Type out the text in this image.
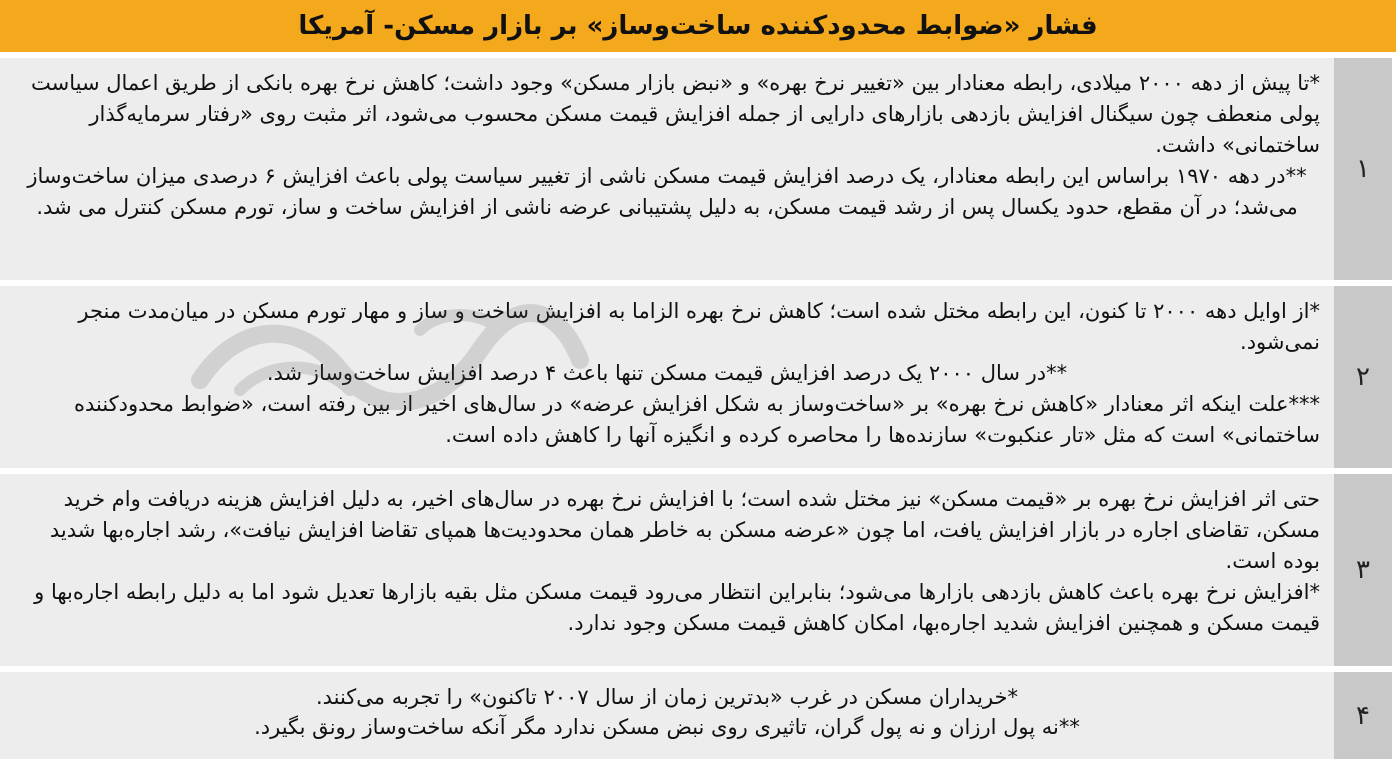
فشار «ضوابط محدودکننده ساخت‌وساز» بر بازار مسکن- آمریکا
۱

*تا پیش از دهه ۲۰۰۰ میلادی، رابطه معنادار بین «تغییر نرخ بهره» و «نبض بازار مسکن» وجود داشت؛ کاهش نرخ بهره بانکی از طریق اعمال سیاست پولی منعطف چون سیگنال افزایش بازدهی بازارهای دارایی از جمله افزایش قیمت مسکن محسوب می‌شود، اثر مثبت روی «رفتار سرمایه‌گذار ساختمانی» داشت.

**در دهه ۱۹۷۰ براساس این رابطه معنادار، یک درصد افزایش قیمت مسکن ناشی از تغییر سیاست پولی باعث افزایش ۶ درصدی میزان ساخت‌وساز می‌شد؛ در آن مقطع، حدود یکسال پس از رشد قیمت مسکن، به دلیل پشتیبانی عرضه ناشی از افزایش ساخت و ساز، تورم مسکن کنترل می شد.

۲

*از اوایل دهه ۲۰۰۰ تا کنون، این رابطه مختل شده است؛ کاهش نرخ بهره الزاما به افزایش ساخت و ساز و مهار تورم مسکن در میان‌مدت منجر نمی‌شود.

**در سال ۲۰۰۰ یک درصد افزایش قیمت مسکن تنها باعث ۴ درصد افزایش ساخت‌وساز شد.

***علت اینکه اثر معنادار «کاهش نرخ بهره» بر «ساخت‌وساز به شکل افزایش عرضه» در سال‌های اخیر از بین رفته است، «ضوابط محدودکننده ساختمانی» است که مثل «تار عنکبوت» سازنده‌ها را محاصره کرده و انگیزه آنها را کاهش داده است.

۳

حتی اثر افزایش نرخ بهره بر «قیمت مسکن» نیز مختل شده است؛ با افزایش نرخ بهره در سال‌های اخیر، به دلیل افزایش هزینه دریافت وام خرید مسکن، تقاضای اجاره در بازار افزایش یافت، اما چون «عرضه مسکن به خاطر همان محدودیت‌ها همپای تقاضا افزایش نیافت»، رشد اجاره‌بها شدید بوده است.

*افزایش نرخ بهره باعث کاهش بازدهی بازارها می‌شود؛ بنابراین انتظار می‌رود قیمت مسکن مثل بقیه بازارها تعدیل شود اما به دلیل رابطه اجاره‌بها و قیمت مسکن و همچنین افزایش شدید اجاره‌بها، امکان کاهش قیمت مسکن وجود ندارد.

۴

*خریداران مسکن در غرب «بدترین زمان از سال ۲۰۰۷ تاکنون» را تجربه می‌کنند.

**نه پول ارزان و نه پول گران، تاثیری روی نبض مسکن ندارد مگر آنکه ساخت‌وساز رونق بگیرد.
